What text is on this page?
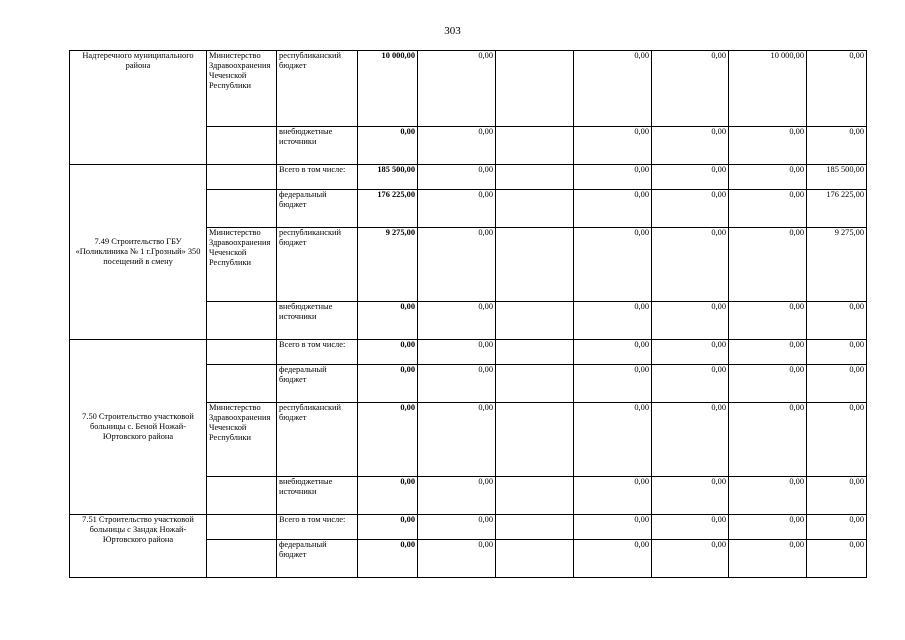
303
Надтеречного муниципального района	Министерство Здравоохранения Чеченской Республики	республиканский бюджет	10 000,00	0,00		0,00	0,00	10 000,00	0,00
		внебюджетные источники	0,00	0,00		0,00	0,00	0,00	0,00
7.49 Строительство ГБУ «Поликлиника № 1 г.Грозный» 350 посещений в смену		Всего в том числе:	185 500,00	0,00		0,00	0,00	0,00	185 500,00
		федеральный бюджет	176 225,00	0,00		0,00	0,00	0,00	176 225,00
	Министерство Здравоохранения Чеченской Республики	республиканский бюджет	9 275,00	0,00		0,00	0,00	0,00	9 275,00
		внебюджетные источники	0,00	0,00		0,00	0,00	0,00	0,00
7.50 Строительство участковой больницы с. Беной Ножай-Юртовского района		Всего в том числе:	0,00	0,00		0,00	0,00	0,00	0,00
		федеральный бюджет	0,00	0,00		0,00	0,00	0,00	0,00
	Министерство Здравоохранения Чеченской Республики	республиканский бюджет	0,00	0,00		0,00	0,00	0,00	0,00
		внебюджетные источники	0,00	0,00		0,00	0,00	0,00	0,00
7.51 Строительство участковой больницы с Зандак Ножай-Юртовского района		Всего в том числе:	0,00	0,00		0,00	0,00	0,00	0,00
		федеральный бюджет	0,00	0,00		0,00	0,00	0,00	0,00
